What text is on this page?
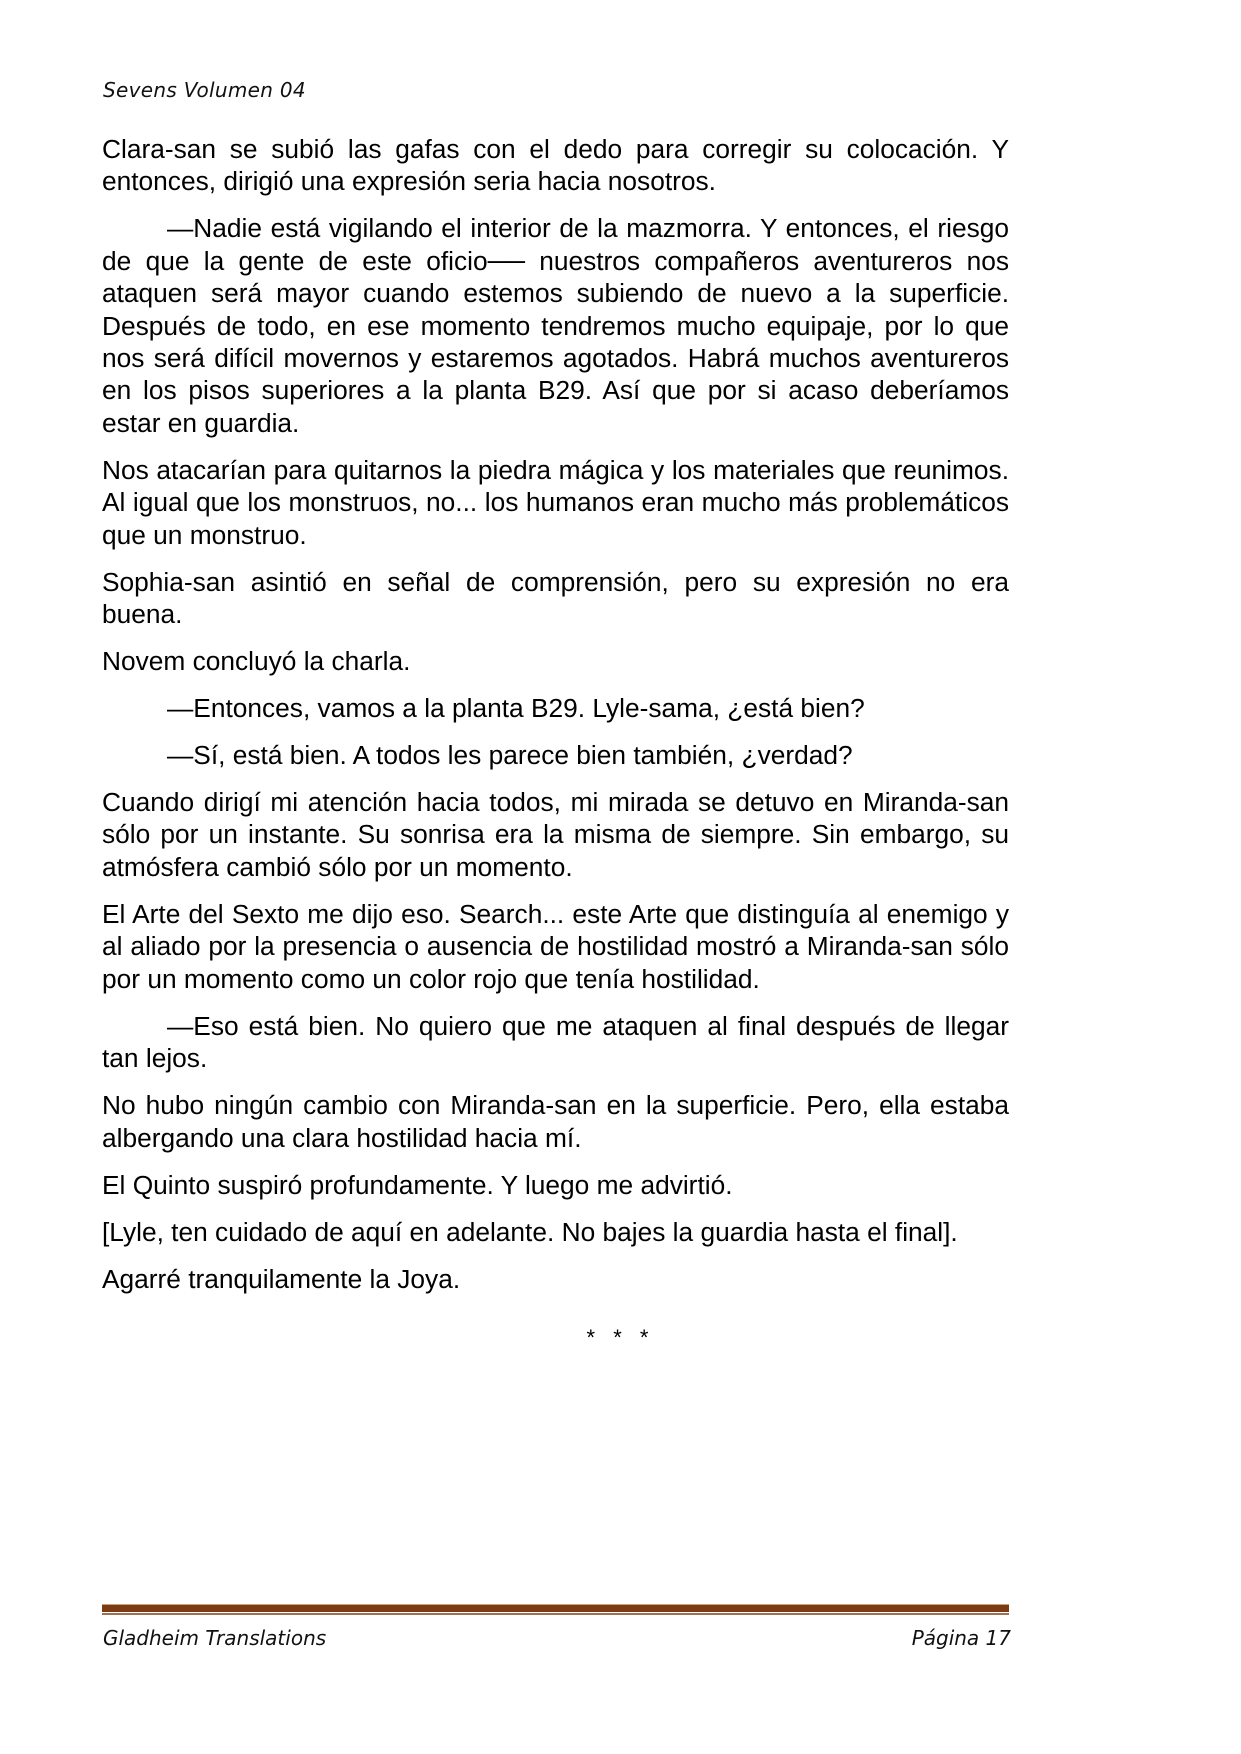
Sevens Volumen 04

Clara-san se subió las gafas con el dedo para corregir su colocación. Y entonces, dirigió una expresión seria hacia nosotros.

—Nadie está vigilando el interior de la mazmorra. Y entonces, el riesgo de que la gente de este oficio── nuestros compañeros aventureros nos ataquen será mayor cuando estemos subiendo de nuevo a la superficie. Después de todo, en ese momento tendremos mucho equipaje, por lo que nos será difícil movernos y estaremos agotados. Habrá muchos aventureros en los pisos superiores a la planta B29. Así que por si acaso deberíamos estar en guardia.

Nos atacarían para quitarnos la piedra mágica y los materiales que reunimos. Al igual que los monstruos, no... los humanos eran mucho más problemáticos que un monstruo.

Sophia-san asintió en señal de comprensión, pero su expresión no era buena.

Novem concluyó la charla.

—Entonces, vamos a la planta B29. Lyle-sama, ¿está bien?

—Sí, está bien. A todos les parece bien también, ¿verdad?

Cuando dirigí mi atención hacia todos, mi mirada se detuvo en Miranda-san sólo por un instante. Su sonrisa era la misma de siempre. Sin embargo, su atmósfera cambió sólo por un momento.

El Arte del Sexto me dijo eso. Search... este Arte que distinguía al enemigo y al aliado por la presencia o ausencia de hostilidad mostró a Miranda-san sólo por un momento como un color rojo que tenía hostilidad.

—Eso está bien. No quiero que me ataquen al final después de llegar tan lejos.

No hubo ningún cambio con Miranda-san en la superficie. Pero, ella estaba albergando una clara hostilidad hacia mí.

El Quinto suspiró profundamente. Y luego me advirtió.

[Lyle, ten cuidado de aquí en adelante. No bajes la guardia hasta el final].

Agarré tranquilamente la Joya.

* * *
Gladheim Translations	Página 17
